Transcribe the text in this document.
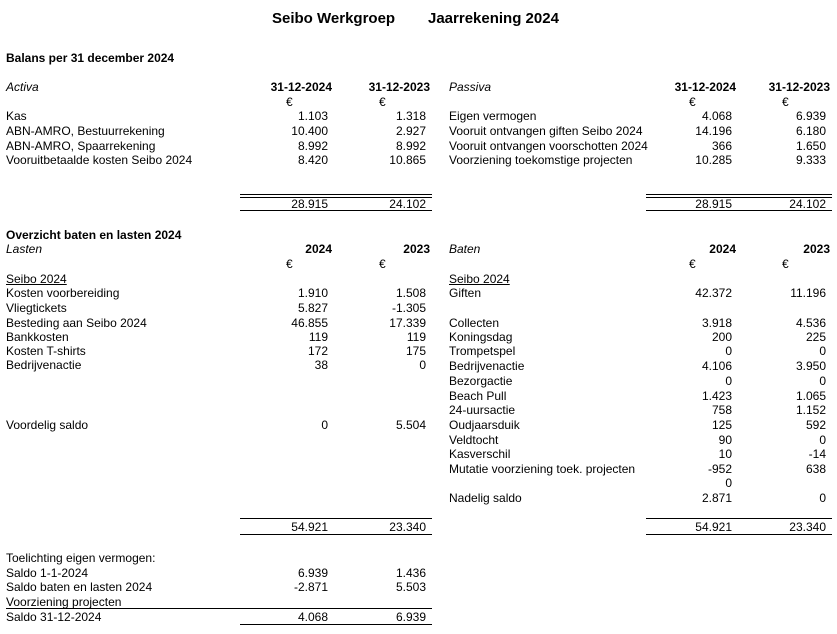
Seibo Werkgroep Jaarrekening 2024
Balans per 31 december 2024
Activa	31-12-2024	31-12-2023
€	€
Kas	1.103	1.318
ABN-AMRO, Bestuurrekening	10.400	2.927
ABN-AMRO, Spaarrekening	8.992	8.992
Vooruitbetaalde kosten Seibo 2024	8.420	10.865
Passiva	31-12-2024	31-12-2023
€	€
Eigen vermogen	4.068	6.939
Vooruit ontvangen giften Seibo 2024	14.196	6.180
Vooruit ontvangen voorschotten 2024	366	1.650
Voorziening toekomstige projecten	10.285	9.333
28.915	24.102	28.915	24.102
Overzicht baten en lasten 2024
Lasten	2024	2023
€	€
Seibo 2024
Kosten voorbereiding	1.910	1.508
Vliegtickets	5.827	-1.305
Besteding aan Seibo 2024	46.855	17.339
Bankkosten	119	119
Kosten T-shirts	172	175
Bedrijvenactie	38	0
Voordelig saldo	0	5.504
Baten	2024	2023
€	€
Seibo 2024
Giften	42.372	11.196
Collecten	3.918	4.536
Koningsdag	200	225
Trompetspel	0	0
Bedrijvenactie	4.106	3.950
Bezorgactie	0	0
Beach Pull	1.423	1.065
24-uursactie	758	1.152
Oudjaarsduik	125	592
Veldtocht	90	0
Kasverschil	10	-14
Mutatie voorziening toek. projecten	-952	638
0
Nadelig saldo	2.871	0
54.921	23.340	54.921	23.340
Toelichting eigen vermogen:
Saldo 1-1-2024	6.939	1.436
Saldo baten en lasten 2024	-2.871	5.503
Voorziening projecten
Saldo 31-12-2024	4.068	6.939
